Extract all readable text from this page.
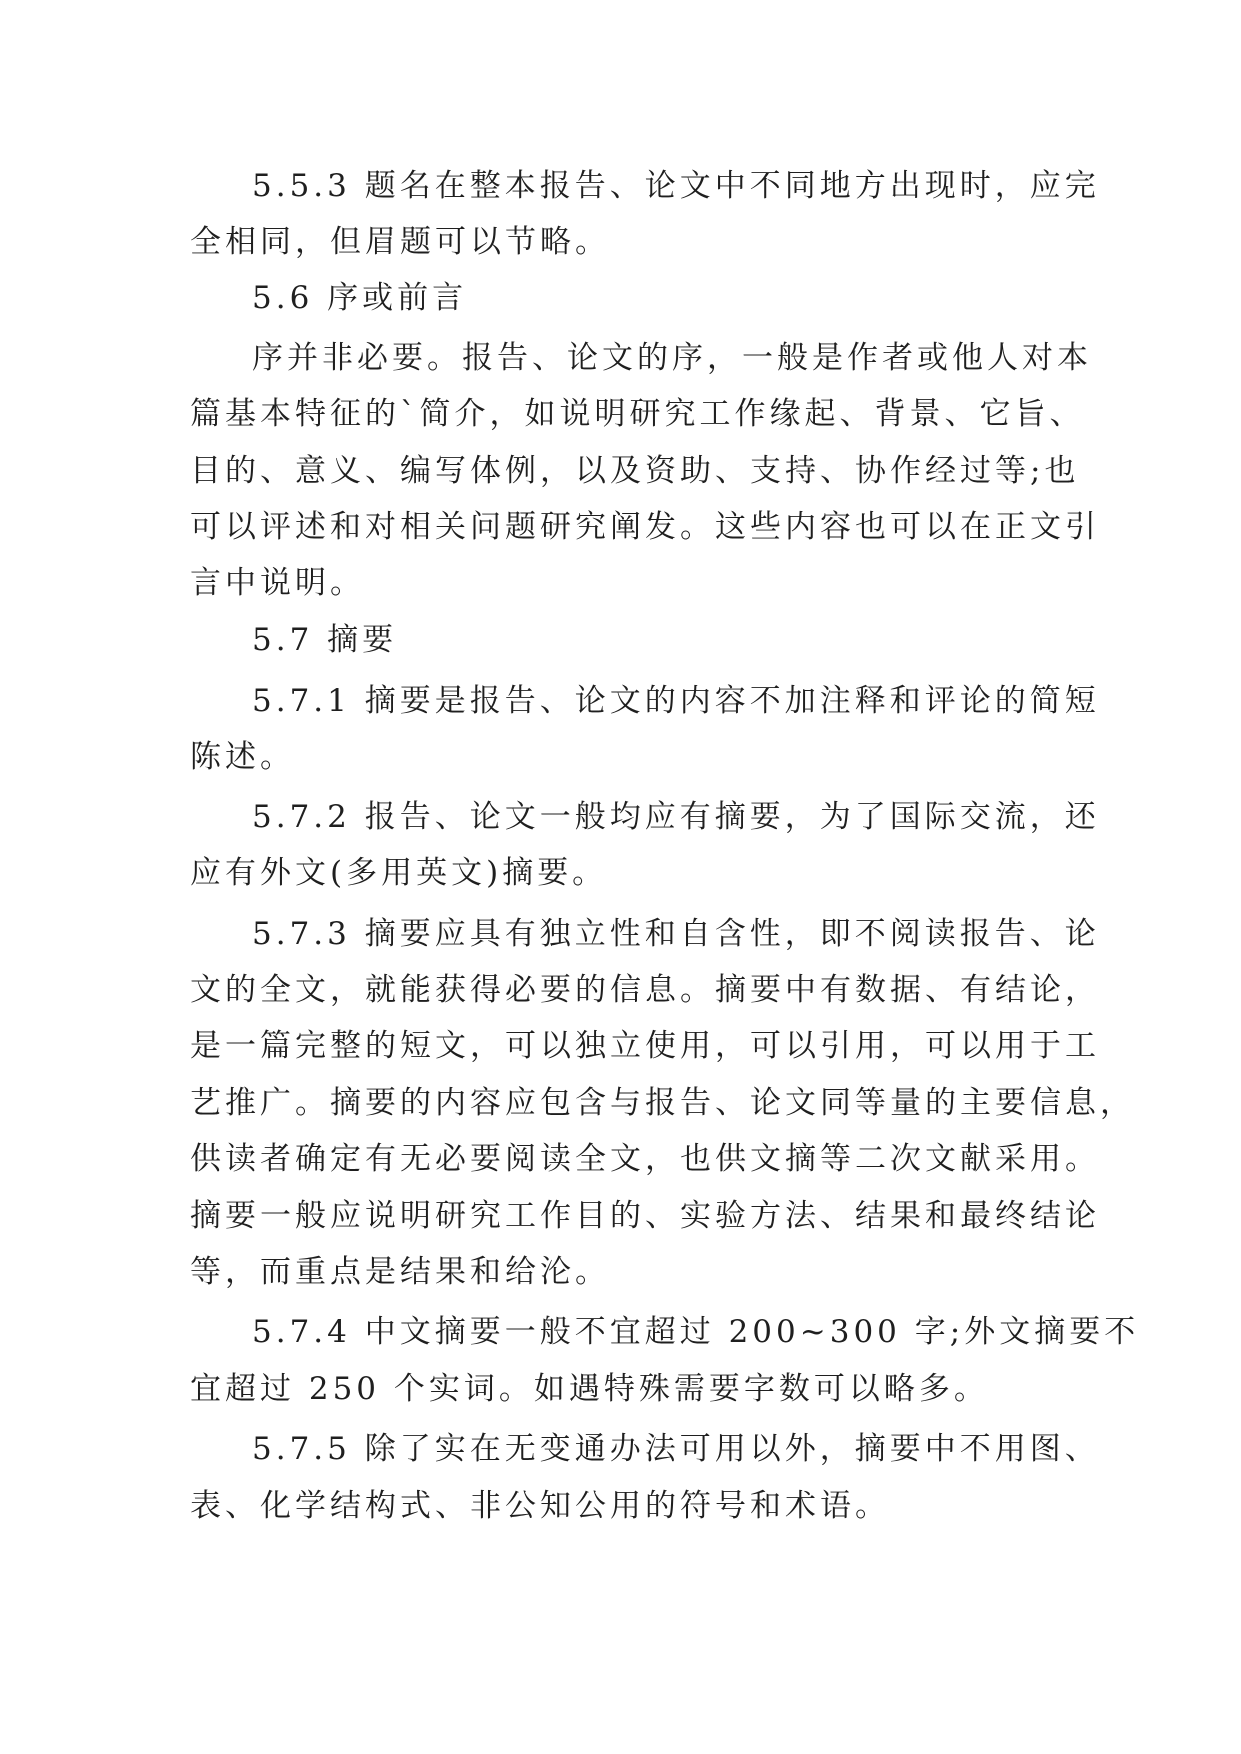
5.5.3 题名在整本报告、论文中不同地方出现时，应完

全相同，但眉题可以节略。

5.6 序或前言

序并非必要。报告、论文的序，一般是作者或他人对本

篇基本特征的`简介，如说明研究工作缘起、背景、它旨、

目的、意义、编写体例，以及资助、支持、协作经过等;也

可以评述和对相关问题研究阐发。这些内容也可以在正文引

言中说明。

5.7 摘要

5.7.1 摘要是报告、论文的内容不加注释和评论的简短

陈述。

5.7.2 报告、论文一般均应有摘要，为了国际交流，还

应有外文(多用英文)摘要。

5.7.3 摘要应具有独立性和自含性，即不阅读报告、论

文的全文，就能获得必要的信息。摘要中有数据、有结论，

是一篇完整的短文，可以独立使用，可以引用，可以用于工

艺推广。摘要的内容应包含与报告、论文同等量的主要信息，

供读者确定有无必要阅读全文，也供文摘等二次文献采用。

摘要一般应说明研究工作目的、实验方法、结果和最终结论

等，而重点是结果和给沦。

5.7.4 中文摘要一般不宜超过 200~300 字;外文摘要不

宜超过 250 个实词。如遇特殊需要字数可以略多。

5.7.5 除了实在无变通办法可用以外，摘要中不用图、

表、化学结构式、非公知公用的符号和术语。
